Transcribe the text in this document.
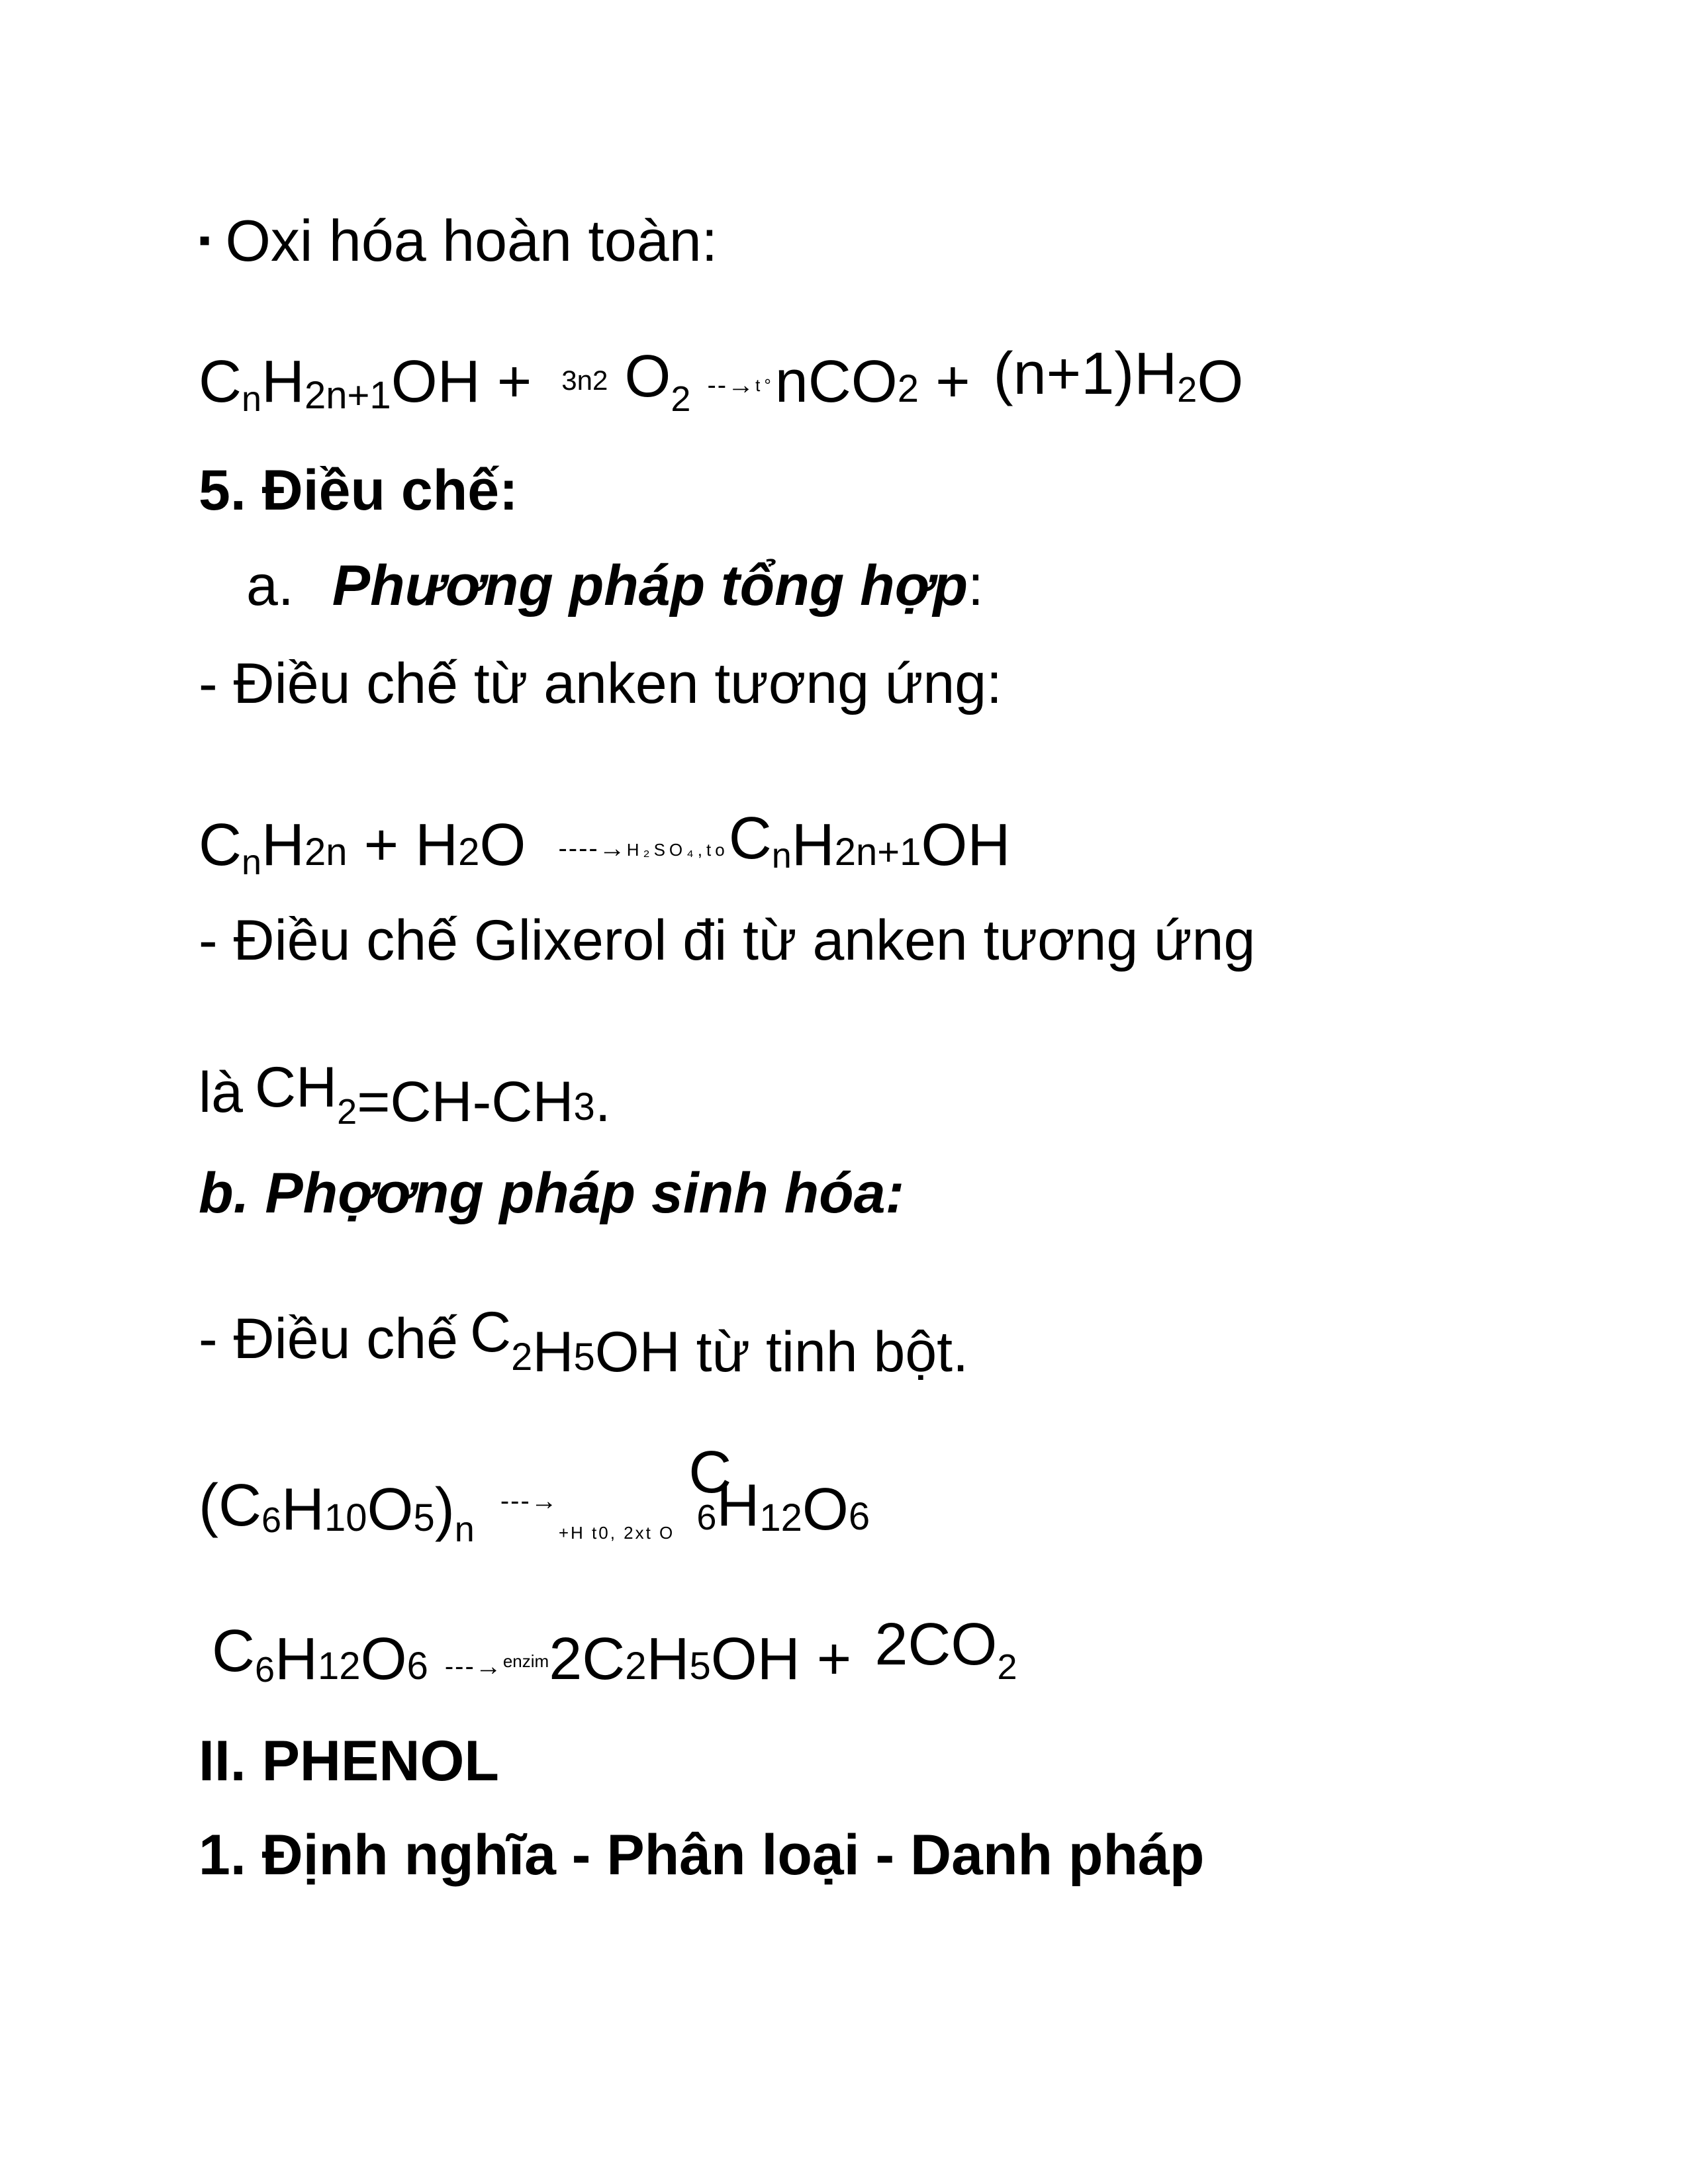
▪ Oxi hóa hoàn toàn:
$C_nH2n+1OH + ^{3n2}$ $O_2$ --→t°nCO2 + (n+1)H2O
5. Điều chế:
a. Phương pháp tổng hợp:
- Điều chế từ anken tương ứng:
$C_nH2n + H2O$ ----→H₂SO₄,toCnH2n+1OH
- Điều chế Glixerol đi từ anken tương ứng
là $CH_2=CH-CH3$.
b. Phợơng pháp sinh hóa:
- Điều chế $C_2H_5OH$ từ tinh bột.
$(C_6H_{10}O_5)_n$ $---\to_{+H t0, 2xt O}$ C $_6H_{12}O_6$
C6H12O6 ---→$^{enzim}$2C2H5OH + 2CO2
II. PHENOL
1. Định nghĩa - Phân loại - Danh pháp
